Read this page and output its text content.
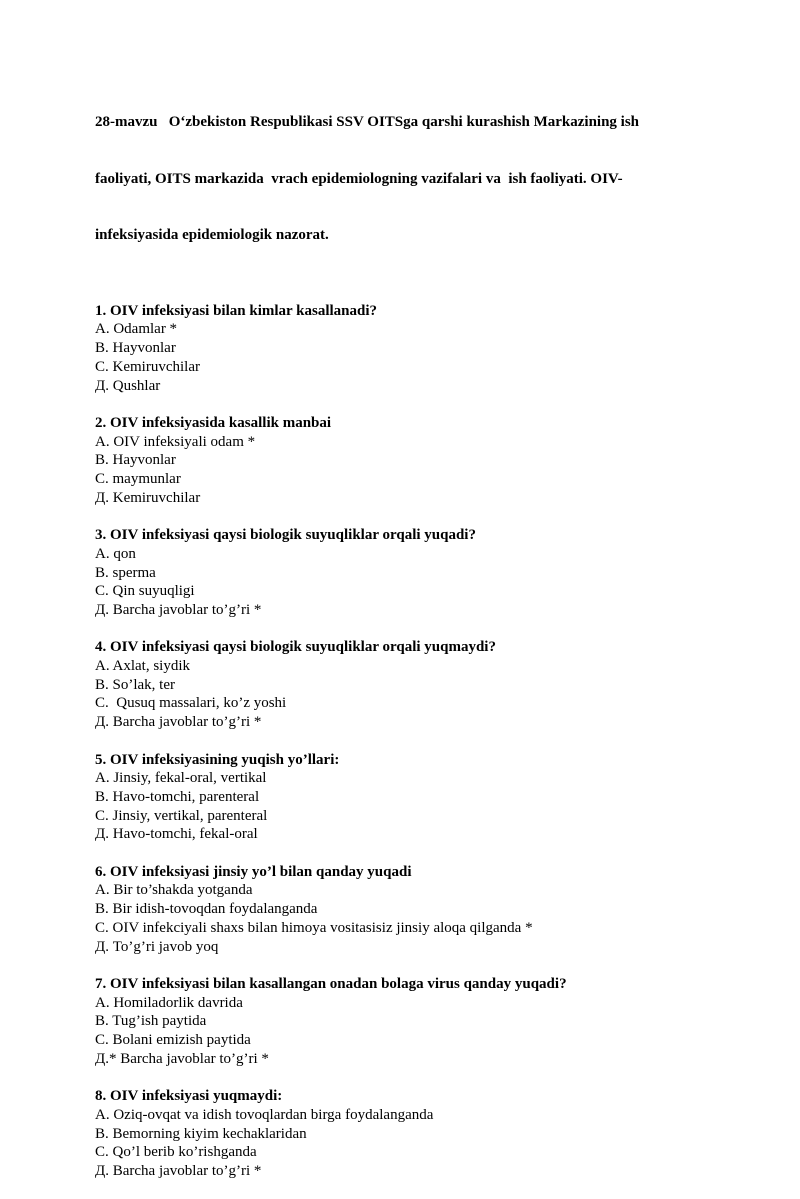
28-mavzu   O‘zbekiston Respublikasi SSV OITSga qarshi kurashish Markazining ish

faoliyati, OITS markazida  vrach epidemiologning vazifalari va  ish faoliyati. OIV-

infeksiyasida epidemiologik nazorat.

1. OIV infeksiyasi bilan kimlar kasallanadi?
A. Odamlar *
B. Hayvonlar
C. Kemiruvchilar
Д. Qushlar
2. OIV infeksiyasida kasallik manbai
A. OIV infeksiyali odam *
B. Hayvonlar
C. maymunlar
Д. Kemiruvchilar
3. OIV infeksiyasi qaysi biologik suyuqliklar orqali yuqadi?
A. qon
B. sperma
C. Qin suyuqligi
Д. Barcha javoblar to’g’ri *
4. OIV infeksiyasi qaysi biologik suyuqliklar orqali yuqmaydi?
A. Axlat, siydik
B. So’lak, ter
C.  Qusuq massalari, ko’z yoshi
Д. Barcha javoblar to’g’ri *
5. OIV infeksiyasining yuqish yo’llari:
A. Jinsiy, fekal-oral, vertikal
B. Havo-tomchi, parenteral
C. Jinsiy, vertikal, parenteral
Д. Havo-tomchi, fekal-oral
6. OIV infeksiyasi jinsiy yo’l bilan qanday yuqadi
A. Bir to’shakda yotganda
B. Bir idish-tovoqdan foydalanganda
C. OIV infekciyali shaxs bilan himoya vositasisiz jinsiy aloqa qilganda *
Д. To’g’ri javob yoq
7. OIV infeksiyasi bilan kasallangan onadan bolaga virus qanday yuqadi?
A. Homiladorlik davrida
B. Tug’ish paytida
C. Bolani emizish paytida
Д.* Barcha javoblar to’g’ri *
8. OIV infeksiyasi yuqmaydi:
A. Oziq-ovqat va idish tovoqlardan birga foydalanganda
B. Bemorning kiyim kechaklaridan
C. Qo’l berib ko’rishganda
Д. Barcha javoblar to’g’ri *
